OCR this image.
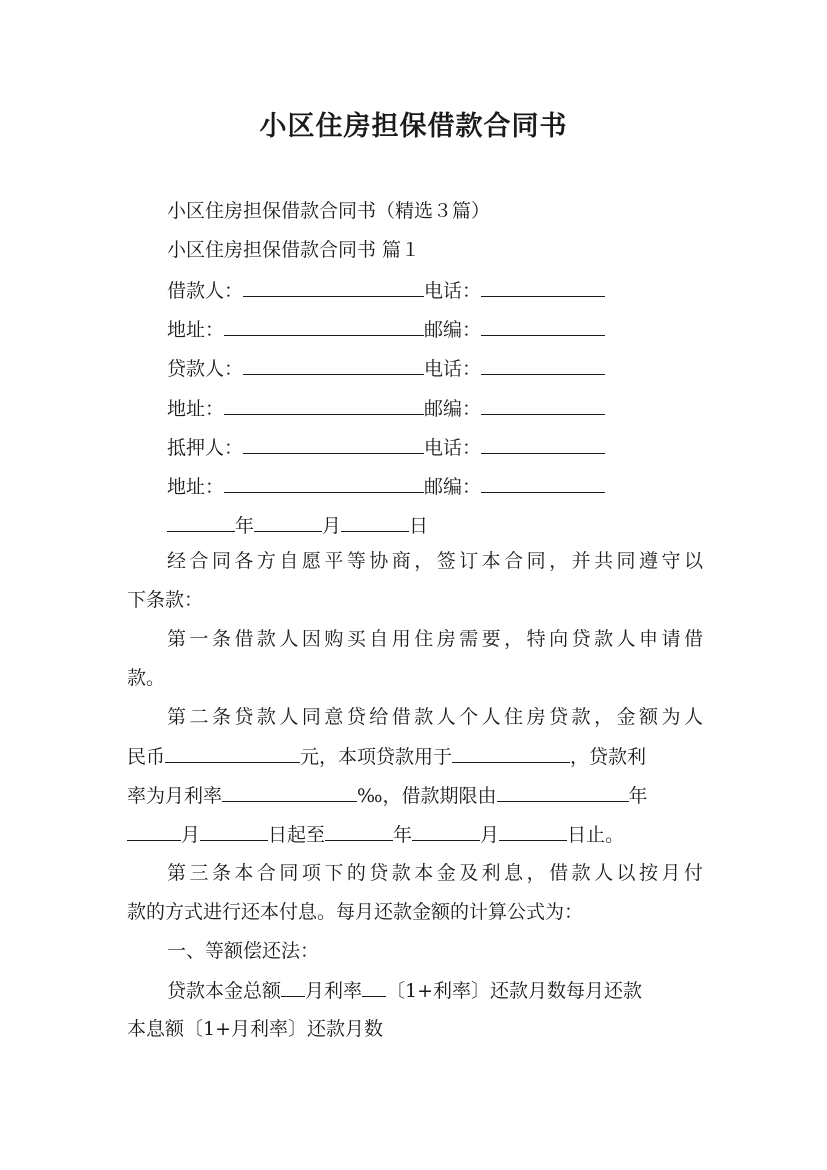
小区住房担保借款合同书
小区住房担保借款合同书（精选３篇）
小区住房担保借款合同书 篇１
借款人：	电话：
地址：	邮编：
贷款人：	电话：
地址：	邮编：
抵押人：	电话：
地址：	邮编：
年	月	日
经合同各方自愿平等协商，签订本合同，并共同遵守以
下条款：
第一条借款人因购买自用住房需要，特向贷款人申请借
款。
第二条贷款人同意贷给借款人个人住房贷款，金额为人
民币	元，本项贷款用于	，贷款利
率为月利率	‰，借款期限由	年
月	日起至	年	月	日止。
第三条本合同项下的贷款本金及利息，借款人以按月付
款的方式进行还本付息。每月还款金额的计算公式为：
一、等额偿还法：
贷款本金总额 月利率 〔1+利率〕还款月数每月还款
本息额〔1+月利率〕还款月数
